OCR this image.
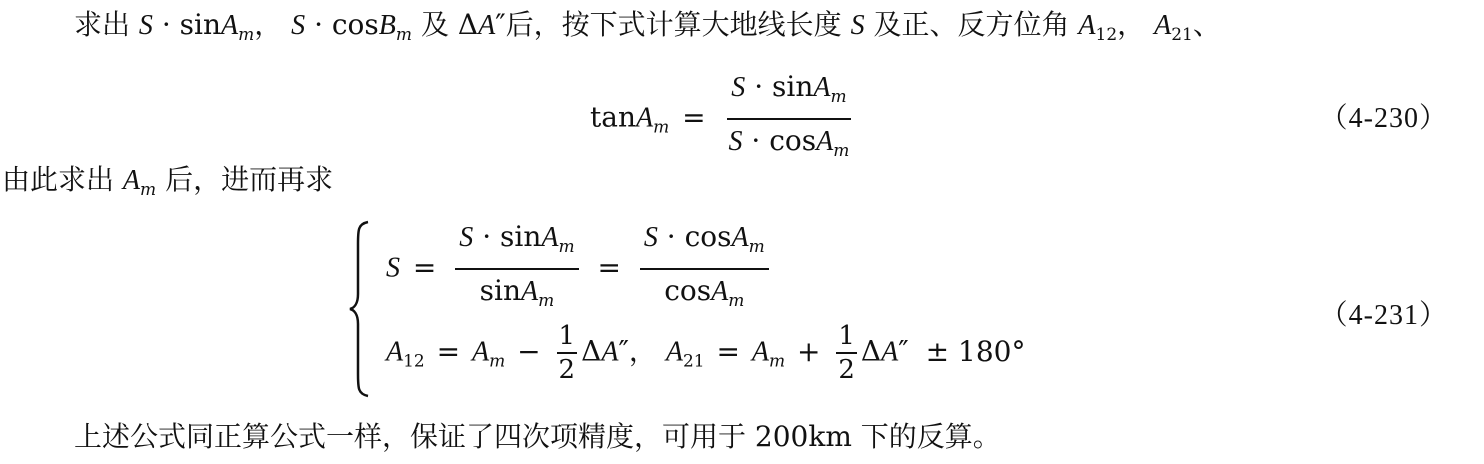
求出 S · sinA$_m$， S · cosB$_m$ 及 ΔA″后，按下式计算大地线长度 S 及正、反方位角 $A_{12}$， $A_{21}$、
$\tan A_m = \frac{S \cdot \sin A_m}{S \cdot \cos A_m}$	（4-230）
由此求出 $A_m$ 后，进而再求
$S = \frac{S \cdot \sin A_m}{\sin A_m} = \frac{S \cdot \cos A_m}{\cos A_m}$	（4-231）
$A_{12} = A_m - \frac{1}{2} \Delta A''$， $A_{21} = A_m + \frac{1}{2} \Delta A'' \pm 180^\circ$
上述公式同正算公式一样，保证了四次项精度，可用于 200km 下的反算。
